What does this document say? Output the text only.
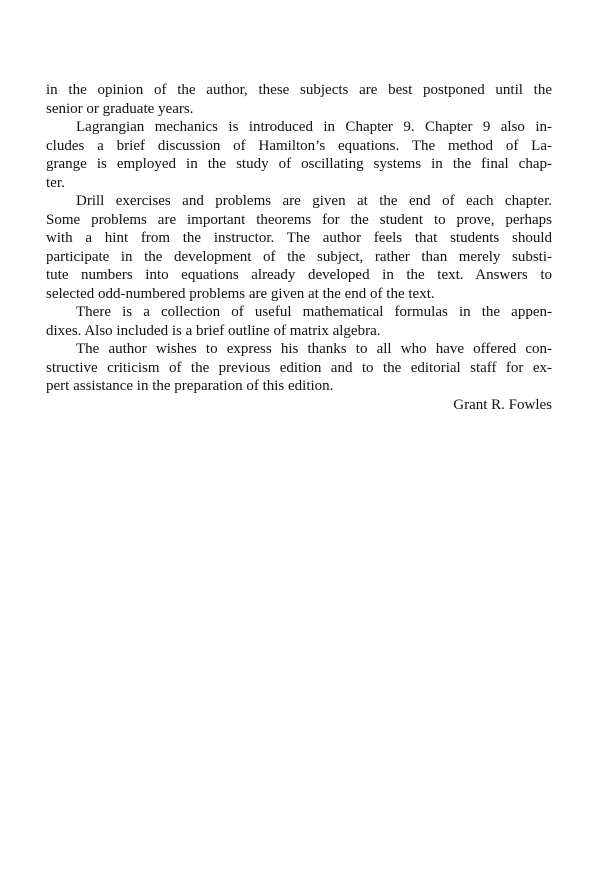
in the opinion of the author, these subjects are best postponed until the
senior or graduate years.
Lagrangian mechanics is introduced in Chapter 9. Chapter 9 also in-
cludes a brief discussion of Hamilton’s equations. The method of La-
grange is employed in the study of oscillating systems in the final chap-
ter.
Drill exercises and problems are given at the end of each chapter.
Some problems are important theorems for the student to prove, perhaps
with a hint from the instructor. The author feels that students should
participate in the development of the subject, rather than merely substi-
tute numbers into equations already developed in the text. Answers to
selected odd-numbered problems are given at the end of the text.
There is a collection of useful mathematical formulas in the appen-
dixes. Also included is a brief outline of matrix algebra.
The author wishes to express his thanks to all who have offered con-
structive criticism of the previous edition and to the editorial staff for ex-
pert assistance in the preparation of this edition.
Grant R. Fowles
